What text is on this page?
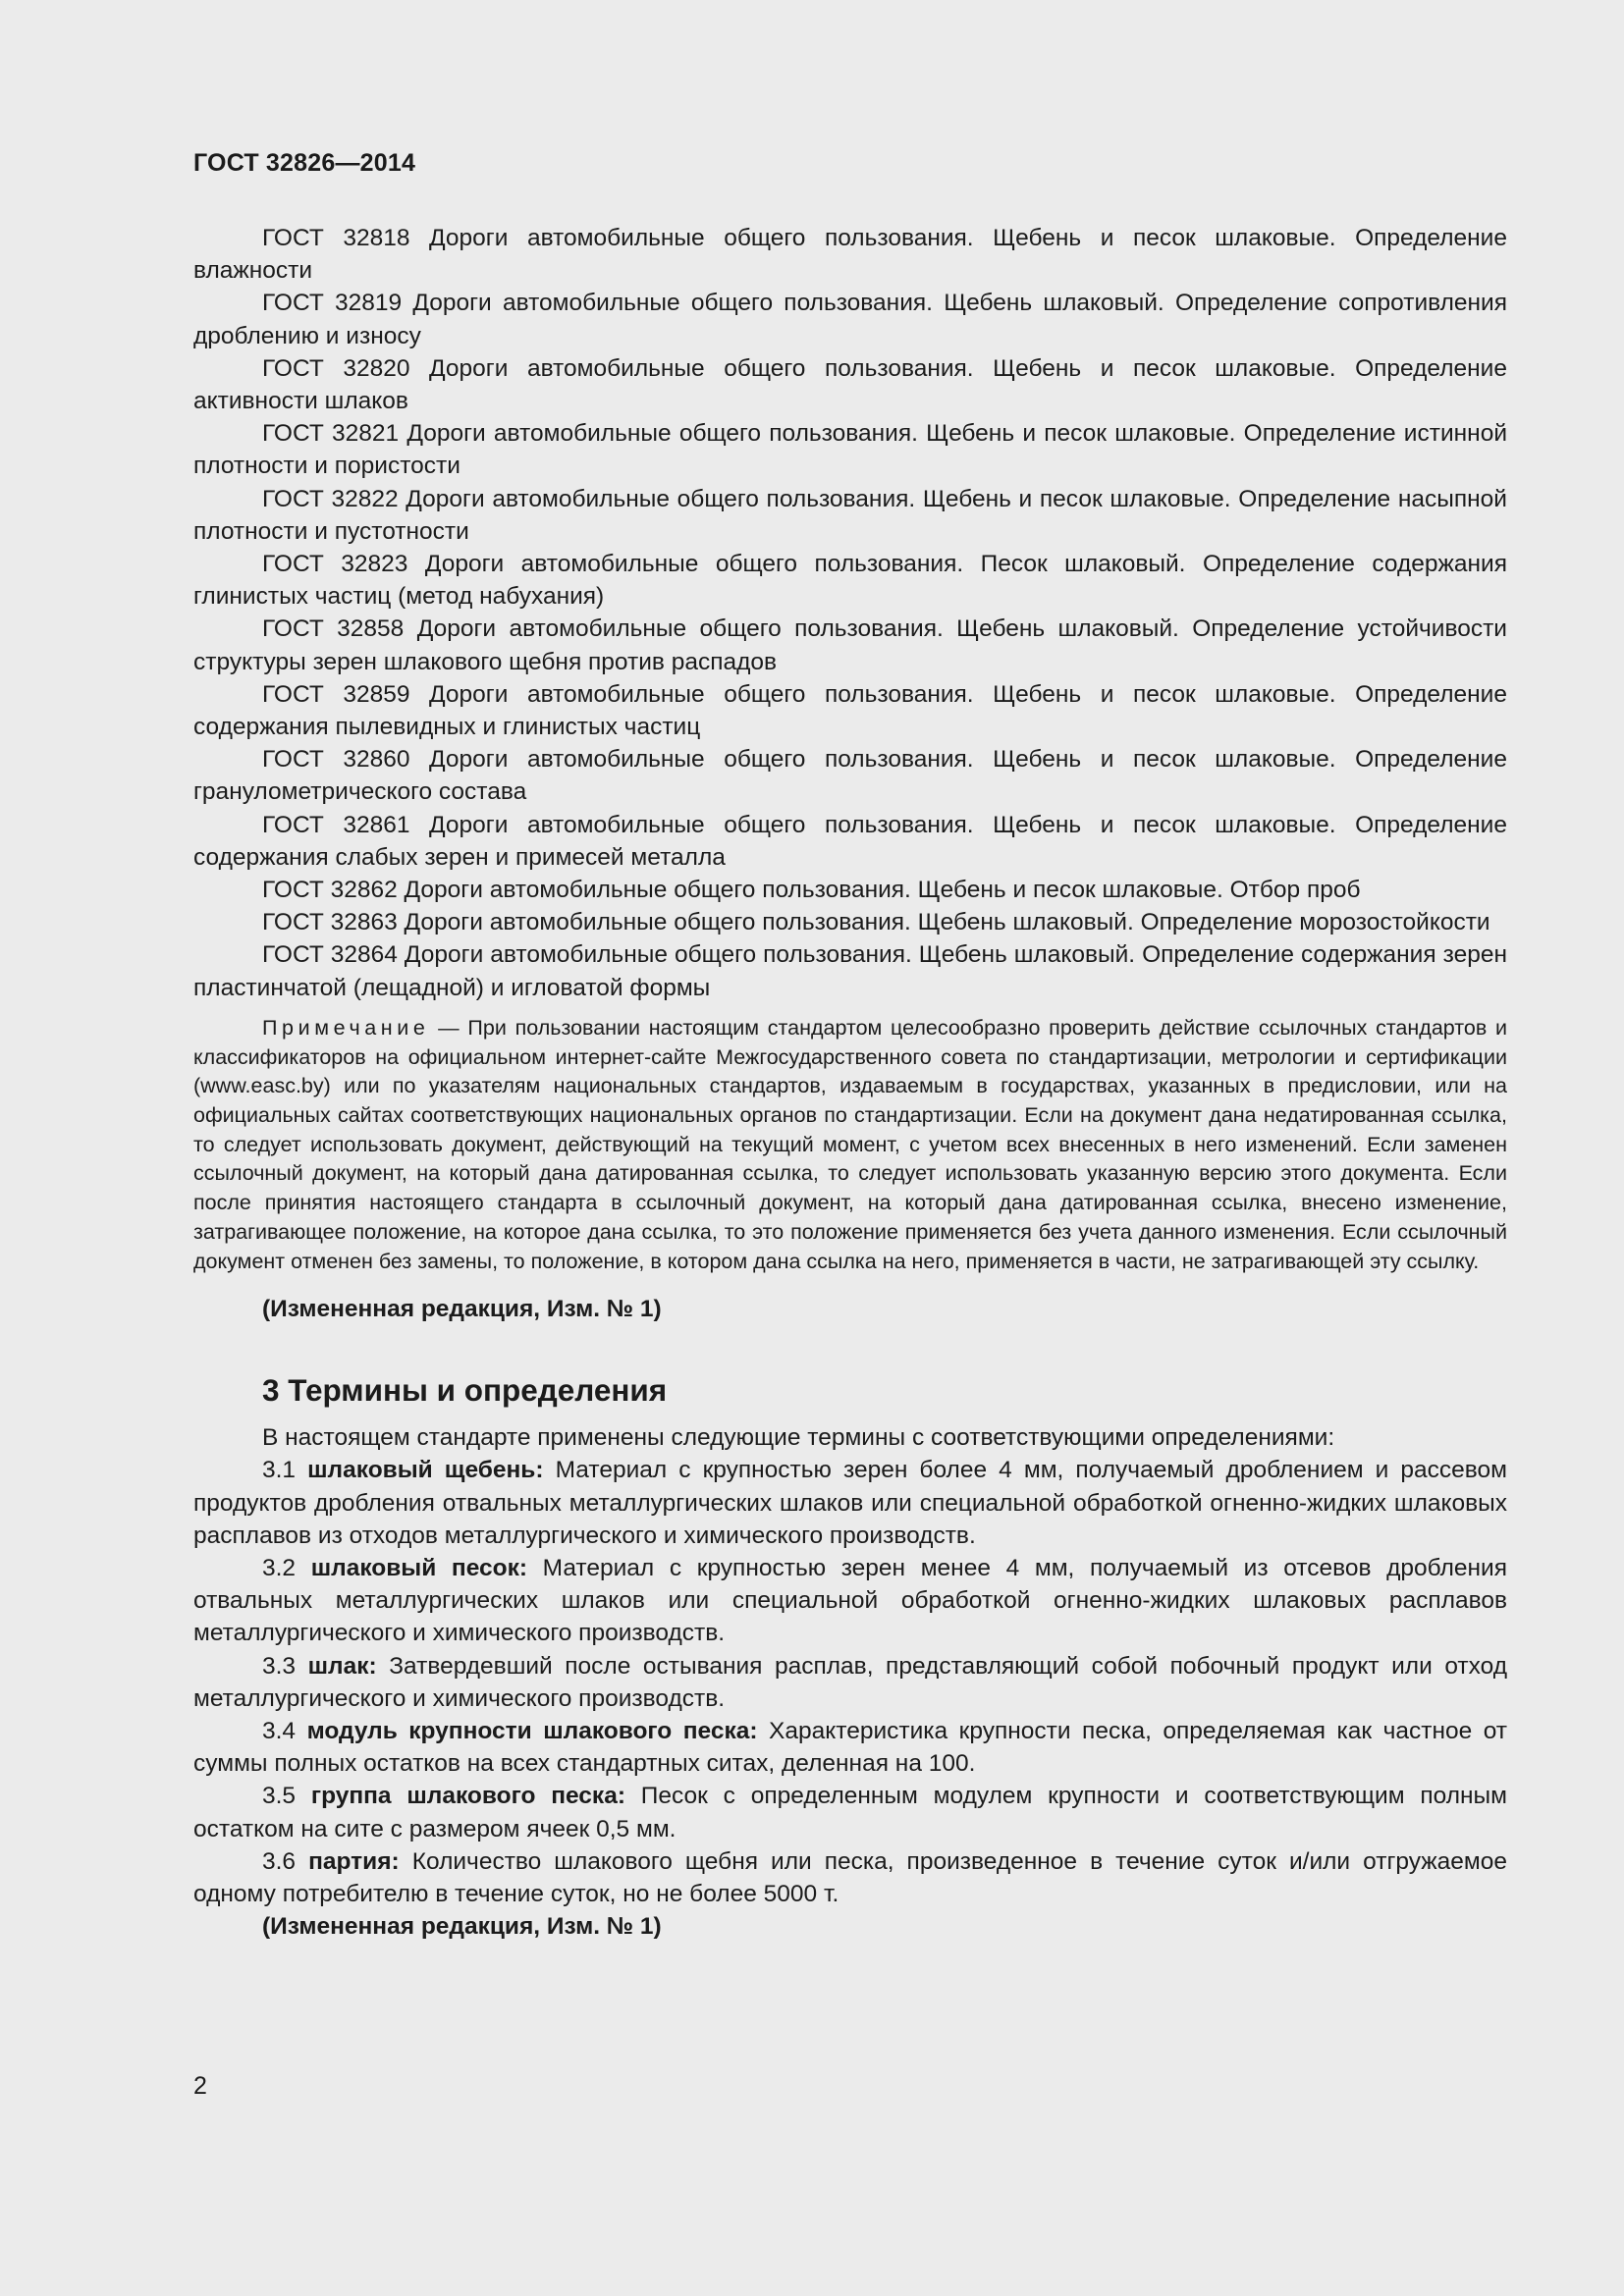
ГОСТ 32826—2014

ГОСТ 32818 Дороги автомобильные общего пользования. Щебень и песок шлаковые. Определение влажности

ГОСТ 32819 Дороги автомобильные общего пользования. Щебень шлаковый. Определение сопротивления дроблению и износу

ГОСТ 32820 Дороги автомобильные общего пользования. Щебень и песок шлаковые. Определение активности шлаков

ГОСТ 32821 Дороги автомобильные общего пользования. Щебень и песок шлаковые. Определение истинной плотности и пористости

ГОСТ 32822 Дороги автомобильные общего пользования. Щебень и песок шлаковые. Определение насыпной плотности и пустотности

ГОСТ 32823 Дороги автомобильные общего пользования. Песок шлаковый. Определение содержания глинистых частиц (метод набухания)

ГОСТ 32858 Дороги автомобильные общего пользования. Щебень шлаковый. Определение устойчивости структуры зерен шлакового щебня против распадов

ГОСТ 32859 Дороги автомобильные общего пользования. Щебень и песок шлаковые. Определение содержания пылевидных и глинистых частиц

ГОСТ 32860 Дороги автомобильные общего пользования. Щебень и песок шлаковые. Определение гранулометрического состава

ГОСТ 32861 Дороги автомобильные общего пользования. Щебень и песок шлаковые. Определение содержания слабых зерен и примесей металла

ГОСТ 32862 Дороги автомобильные общего пользования. Щебень и песок шлаковые. Отбор проб

ГОСТ 32863 Дороги автомобильные общего пользования. Щебень шлаковый. Определение морозостойкости

ГОСТ 32864 Дороги автомобильные общего пользования. Щебень шлаковый. Определение содержания зерен пластинчатой (лещадной) и игловатой формы

Примечание — При пользовании настоящим стандартом целесообразно проверить действие ссылочных стандартов и классификаторов на официальном интернет-сайте Межгосударственного совета по стандартизации, метрологии и сертификации (www.easc.by) или по указателям национальных стандартов, издаваемым в государствах, указанных в предисловии, или на официальных сайтах соответствующих национальных органов по стандартизации. Если на документ дана недатированная ссылка, то следует использовать документ, действующий на текущий момент, с учетом всех внесенных в него изменений. Если заменен ссылочный документ, на который дана датированная ссылка, то следует использовать указанную версию этого документа. Если после принятия настоящего стандарта в ссылочный документ, на который дана датированная ссылка, внесено изменение, затрагивающее положение, на которое дана ссылка, то это положение применяется без учета данного изменения. Если ссылочный документ отменен без замены, то положение, в котором дана ссылка на него, применяется в части, не затрагивающей эту ссылку.
(Измененная редакция, Изм. № 1)
3 Термины и определения

В настоящем стандарте применены следующие термины с соответствующими определениями:

3.1 шлаковый щебень: Материал с крупностью зерен более 4 мм, получаемый дроблением и рассевом продуктов дробления отвальных металлургических шлаков или специальной обработкой огненно-жидких шлаковых расплавов из отходов металлургического и химического производств.

3.2 шлаковый песок: Материал с крупностью зерен менее 4 мм, получаемый из отсевов дробления отвальных металлургических шлаков или специальной обработкой огненно-жидких шлаковых расплавов металлургического и химического производств.

3.3 шлак: Затвердевший после остывания расплав, представляющий собой побочный продукт или отход металлургического и химического производств.

3.4 модуль крупности шлакового песка: Характеристика крупности песка, определяемая как частное от суммы полных остатков на всех стандартных ситах, деленная на 100.

3.5 группа шлакового песка: Песок с определенным модулем крупности и соответствующим полным остатком на сите с размером ячеек 0,5 мм.

3.6 партия: Количество шлакового щебня или песка, произведенное в течение суток и/или отгружаемое одному потребителю в течение суток, но не более 5000 т.

(Измененная редакция, Изм. № 1)
2
